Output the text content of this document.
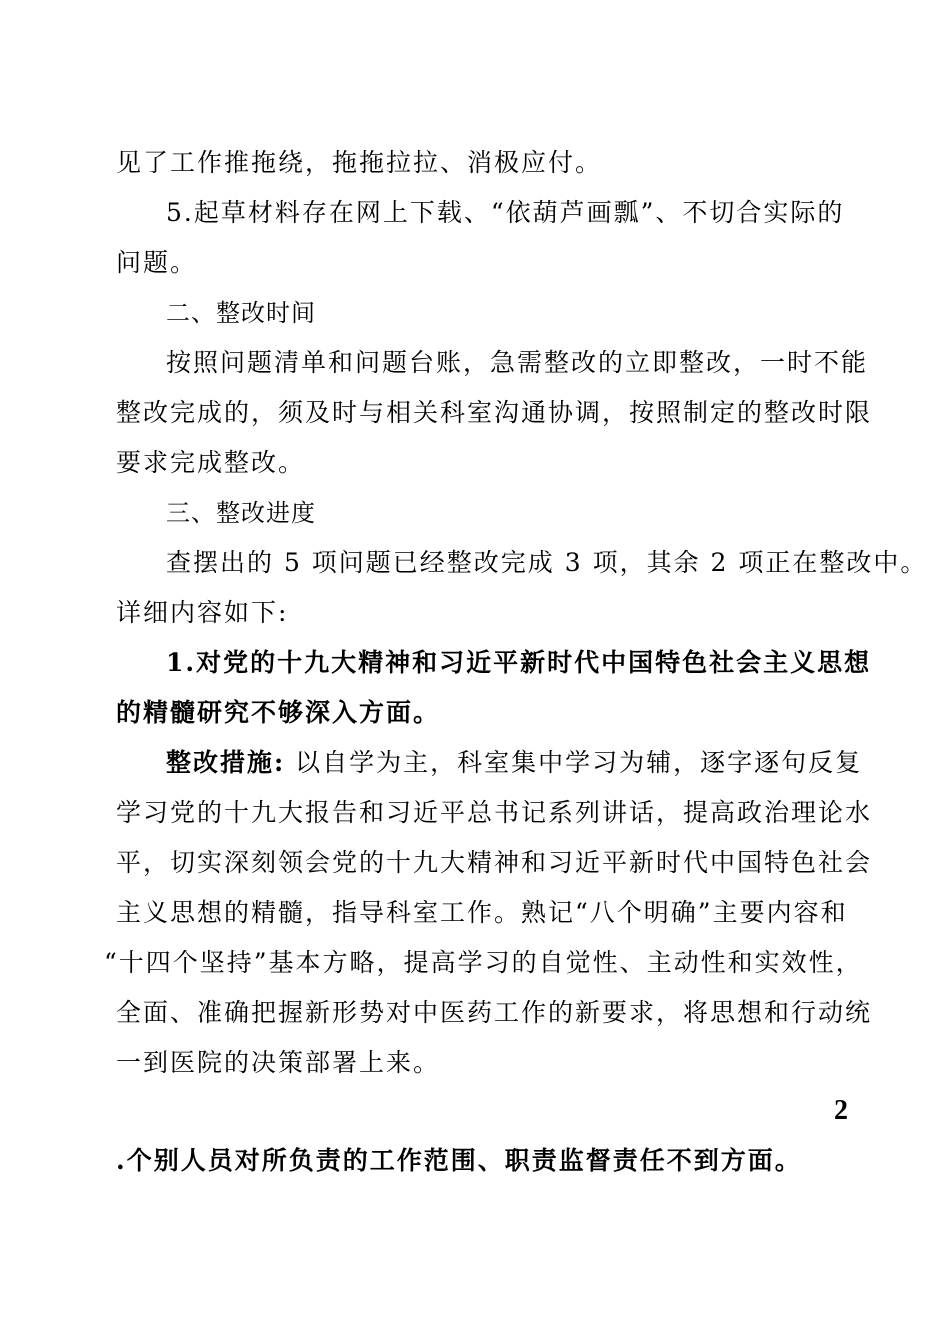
见了工作推拖绕，拖拖拉拉、消极应付。
5.起草材料存在网上下载、“依葫芦画瓢”、不切合实际的
问题。
二、整改时间
按照问题清单和问题台账，急需整改的立即整改，一时不能
整改完成的，须及时与相关科室沟通协调，按照制定的整改时限
要求完成整改。
三、整改进度
查摆出的 5 项问题已经整改完成 3 项，其余 2 项正在整改中。
详细内容如下:
1.对党的十九大精神和习近平新时代中国特色社会主义思想
的精髓研究不够深入方面。
整改措施: 以自学为主，科室集中学习为辅，逐字逐句反复
学习党的十九大报告和习近平总书记系列讲话，提高政治理论水
平，切实深刻领会党的十九大精神和习近平新时代中国特色社会
主义思想的精髓，指导科室工作。熟记“八个明确”主要内容和
“十四个坚持”基本方略，提高学习的自觉性、主动性和实效性，
全面、准确把握新形势对中医药工作的新要求，将思想和行动统
一到医院的决策部署上来。
2
.个别人员对所负责的工作范围、职责监督责任不到方面。
